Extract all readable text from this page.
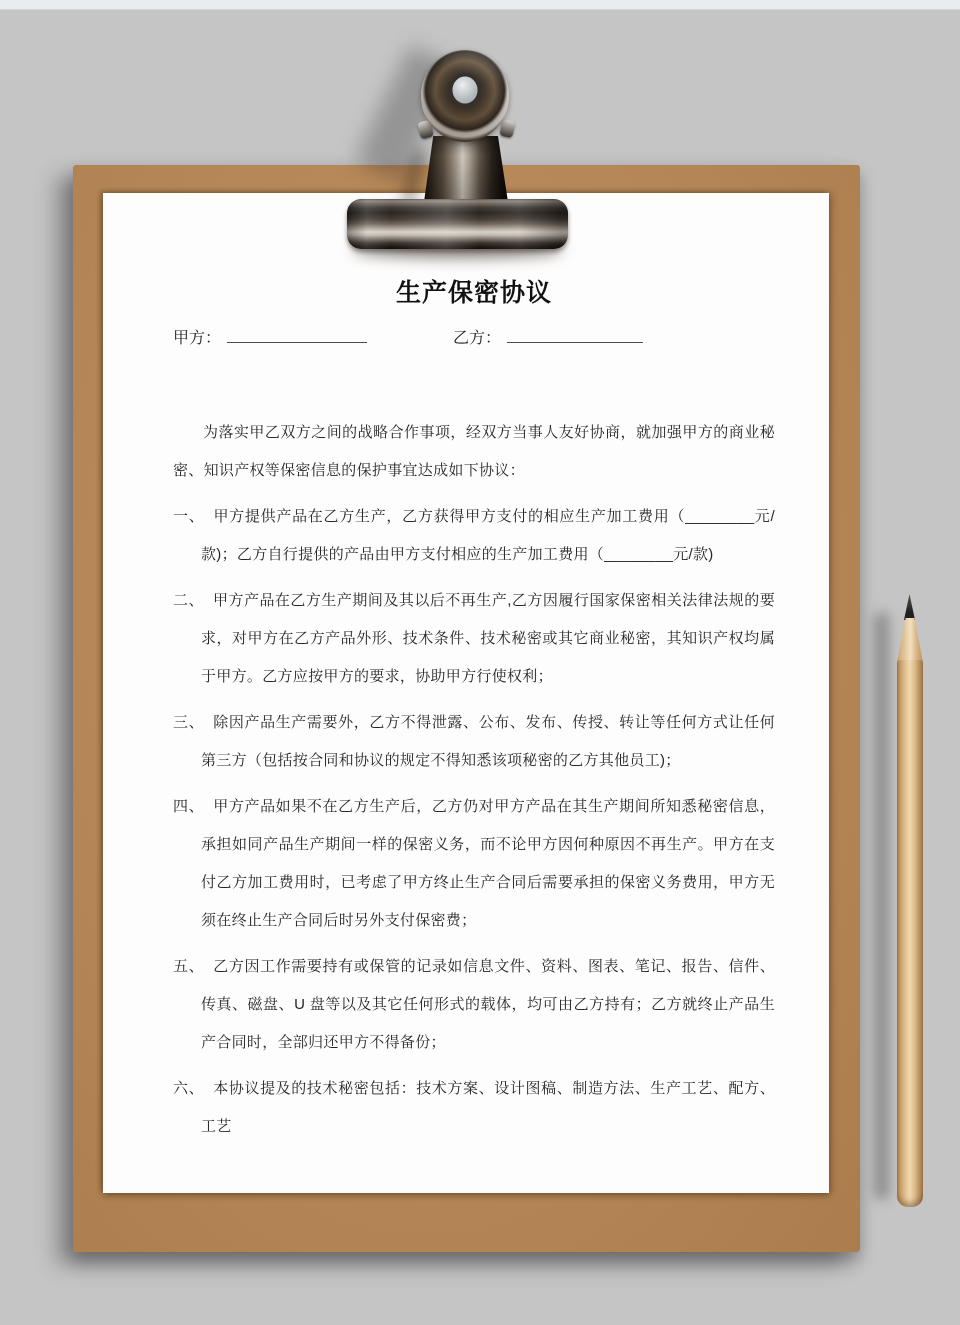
生产保密协议
甲方：	乙方：

为落实甲乙双方之间的战略合作事项，经双方当事人友好协商，就加强甲方的商业秘密、知识产权等保密信息的保护事宜达成如下协议：

一、 甲方提供产品在乙方生产，乙方获得甲方支付的相应生产加工费用（________元/款)；乙方自行提供的产品由甲方支付相应的生产加工费用（________元/款)

二、 甲方产品在乙方生产期间及其以后不再生产,乙方因履行国家保密相关法律法规的要求，对甲方在乙方产品外形、技术条件、技术秘密或其它商业秘密，其知识产权均属于甲方。乙方应按甲方的要求，协助甲方行使权利；

三、 除因产品生产需要外，乙方不得泄露、公布、发布、传授、转让等任何方式让任何第三方（包括按合同和协议的规定不得知悉该项秘密的乙方其他员工)；

四、 甲方产品如果不在乙方生产后，乙方仍对甲方产品在其生产期间所知悉秘密信息，承担如同产品生产期间一样的保密义务，而不论甲方因何种原因不再生产。甲方在支付乙方加工费用时，已考虑了甲方终止生产合同后需要承担的保密义务费用，甲方无须在终止生产合同后时另外支付保密费；

五、 乙方因工作需要持有或保管的记录如信息文件、资料、图表、笔记、报告、信件、传真、磁盘、U 盘等以及其它任何形式的载体，均可由乙方持有；乙方就终止产品生产合同时，全部归还甲方不得备份；

六、 本协议提及的技术秘密包括：技术方案、设计图稿、制造方法、生产工艺、配方、工艺
